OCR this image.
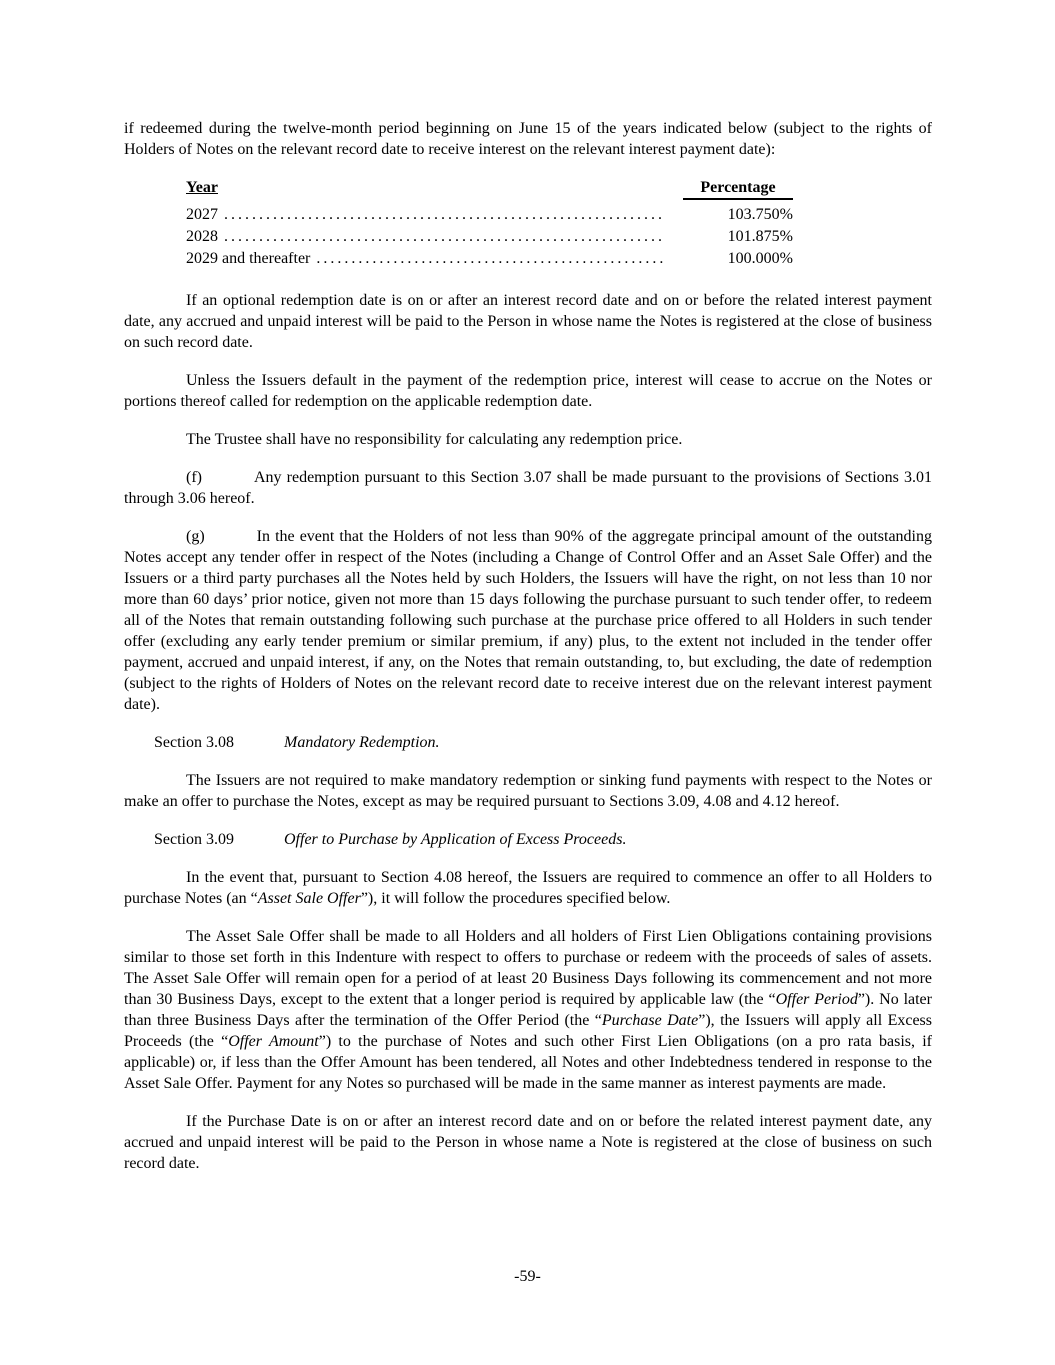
if redeemed during the twelve-month period beginning on June 15 of the years indicated below (subject to the rights of Holders of Notes on the relevant record date to receive interest on the relevant interest payment date):

Year	Percentage
2027 .....	103.750%
2028 .....	101.875%
2029 and thereafter .....	100.000%

If an optional redemption date is on or after an interest record date and on or before the related interest payment date, any accrued and unpaid interest will be paid to the Person in whose name the Notes is registered at the close of business on such record date.

Unless the Issuers default in the payment of the redemption price, interest will cease to accrue on the Notes or portions thereof called for redemption on the applicable redemption date.

The Trustee shall have no responsibility for calculating any redemption price.

(f)	Any redemption pursuant to this Section 3.07 shall be made pursuant to the provisions of Sections 3.01 through 3.06 hereof.

(g)	In the event that the Holders of not less than 90% of the aggregate principal amount of the outstanding Notes accept any tender offer in respect of the Notes (including a Change of Control Offer and an Asset Sale Offer) and the Issuers or a third party purchases all the Notes held by such Holders, the Issuers will have the right, on not less than 10 nor more than 60 days’ prior notice, given not more than 15 days following the purchase pursuant to such tender offer, to redeem all of the Notes that remain outstanding following such purchase at the purchase price offered to all Holders in such tender offer (excluding any early tender premium or similar premium, if any) plus, to the extent not included in the tender offer payment, accrued and unpaid interest, if any, on the Notes that remain outstanding, to, but excluding, the date of redemption (subject to the rights of Holders of Notes on the relevant record date to receive interest due on the relevant interest payment date).

Section 3.08	Mandatory Redemption.

The Issuers are not required to make mandatory redemption or sinking fund payments with respect to the Notes or make an offer to purchase the Notes, except as may be required pursuant to Sections 3.09, 4.08 and 4.12 hereof.

Section 3.09	Offer to Purchase by Application of Excess Proceeds.

In the event that, pursuant to Section 4.08 hereof, the Issuers are required to commence an offer to all Holders to purchase Notes (an “Asset Sale Offer”), it will follow the procedures specified below.

The Asset Sale Offer shall be made to all Holders and all holders of First Lien Obligations containing provisions similar to those set forth in this Indenture with respect to offers to purchase or redeem with the proceeds of sales of assets. The Asset Sale Offer will remain open for a period of at least 20 Business Days following its commencement and not more than 30 Business Days, except to the extent that a longer period is required by applicable law (the “Offer Period”). No later than three Business Days after the termination of the Offer Period (the “Purchase Date”), the Issuers will apply all Excess Proceeds (the “Offer Amount”) to the purchase of Notes and such other First Lien Obligations (on a pro rata basis, if applicable) or, if less than the Offer Amount has been tendered, all Notes and other Indebtedness tendered in response to the Asset Sale Offer. Payment for any Notes so purchased will be made in the same manner as interest payments are made.

If the Purchase Date is on or after an interest record date and on or before the related interest payment date, any accrued and unpaid interest will be paid to the Person in whose name a Note is registered at the close of business on such record date.

-59-
